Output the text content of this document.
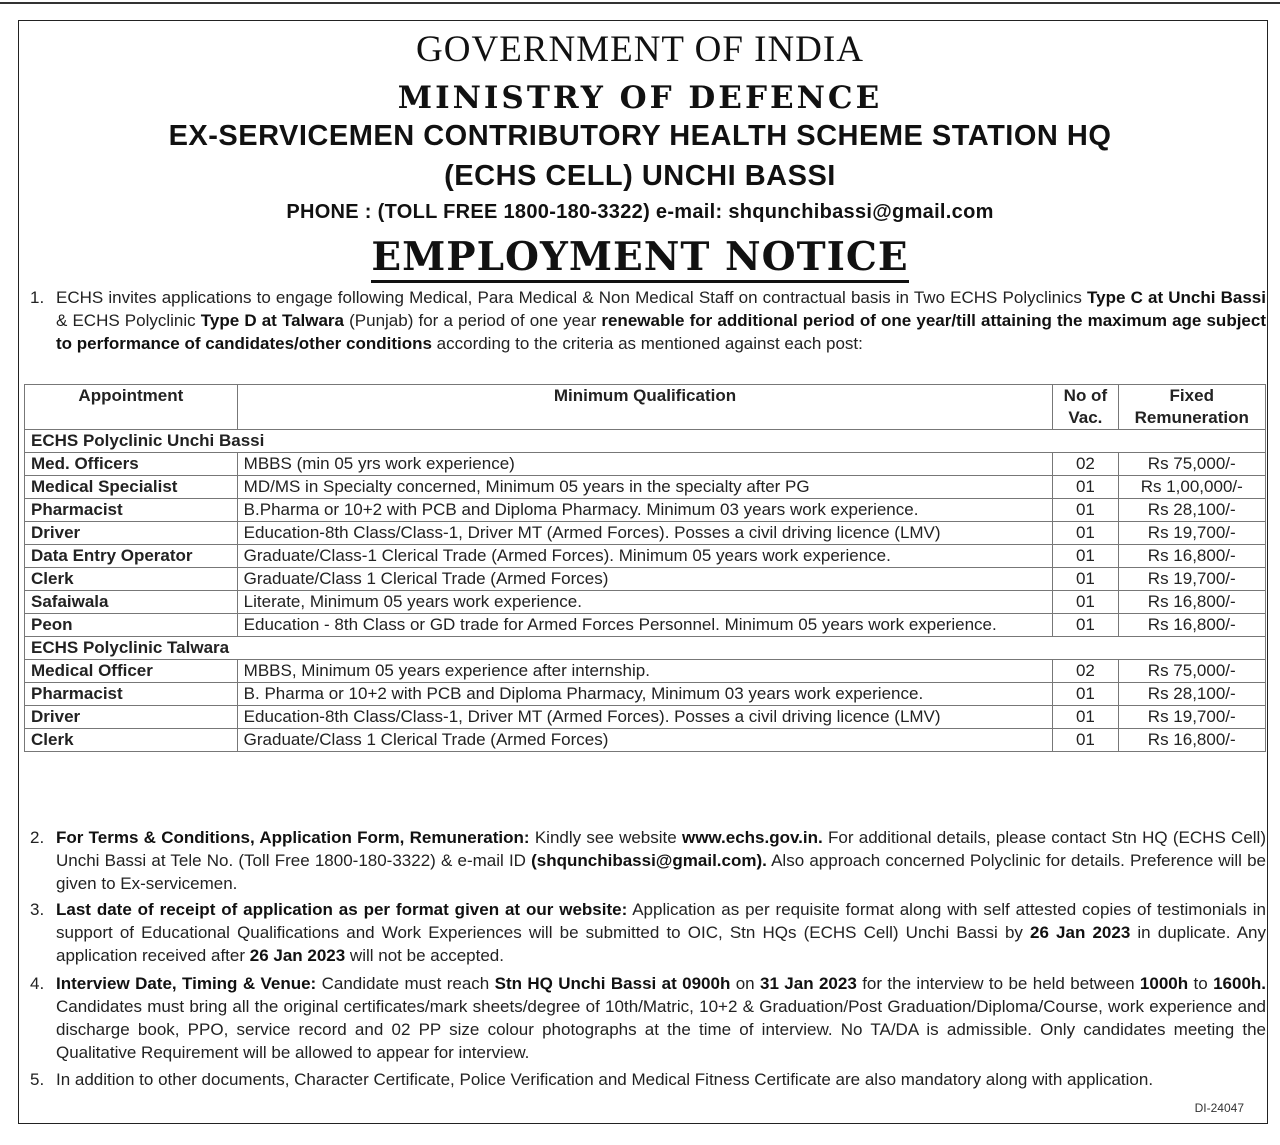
GOVERNMENT OF INDIA
MINISTRY OF DEFENCE
EX-SERVICEMEN CONTRIBUTORY HEALTH SCHEME STATION HQ
(ECHS CELL) UNCHI BASSI
PHONE : (TOLL FREE 1800-180-3322) e-mail: shqunchibassi@gmail.com
EMPLOYMENT NOTICE
1. ECHS invites applications to engage following Medical, Para Medical & Non Medical Staff on contractual basis in Two ECHS Polyclinics Type C at Unchi Bassi & ECHS Polyclinic Type D at Talwara (Punjab) for a period of one year renewable for additional period of one year/till attaining the maximum age subject to performance of candidates/other conditions according to the criteria as mentioned against each post:
Appointment	Minimum Qualification	No of Vac.	Fixed Remuneration
ECHS Polyclinic Unchi Bassi			
Med. Officers	MBBS (min 05 yrs work experience)	02	Rs 75,000/-
Medical Specialist	MD/MS in Specialty concerned, Minimum 05 years in the specialty after PG	01	Rs 1,00,000/-
Pharmacist	B.Pharma or 10+2 with PCB and Diploma Pharmacy. Minimum 03 years work experience.	01	Rs 28,100/-
Driver	Education-8th Class/Class-1, Driver MT (Armed Forces). Posses a civil driving licence (LMV)	01	Rs 19,700/-
Data Entry Operator	Graduate/Class-1 Clerical Trade (Armed Forces). Minimum 05 years work experience.	01	Rs 16,800/-
Clerk	Graduate/Class 1 Clerical Trade (Armed Forces)	01	Rs 19,700/-
Safaiwala	Literate, Minimum 05 years work experience.	01	Rs 16,800/-
Peon	Education - 8th Class or GD trade for Armed Forces Personnel. Minimum 05 years work experience.	01	Rs 16,800/-
ECHS Polyclinic Talwara			
Medical Officer	MBBS, Minimum 05 years experience after internship.	02	Rs 75,000/-
Pharmacist	B. Pharma or 10+2 with PCB and Diploma Pharmacy, Minimum 03 years work experience.	01	Rs 28,100/-
Driver	Education-8th Class/Class-1, Driver MT (Armed Forces). Posses a civil driving licence (LMV)	01	Rs 19,700/-
Clerk	Graduate/Class 1 Clerical Trade (Armed Forces)	01	Rs 16,800/-
2. For Terms & Conditions, Application Form, Remuneration: Kindly see website www.echs.gov.in. For additional details, please contact Stn HQ (ECHS Cell) Unchi Bassi at Tele No. (Toll Free 1800-180-3322) & e-mail ID (shqunchibassi@gmail.com). Also approach concerned Polyclinic for details. Preference will be given to Ex-servicemen.
3. Last date of receipt of application as per format given at our website: Application as per requisite format along with self attested copies of testimonials in support of Educational Qualifications and Work Experiences will be submitted to OIC, Stn HQs (ECHS Cell) Unchi Bassi by 26 Jan 2023 in duplicate. Any application received after 26 Jan 2023 will not be accepted.
4. Interview Date, Timing & Venue: Candidate must reach Stn HQ Unchi Bassi at 0900h on 31 Jan 2023 for the interview to be held between 1000h to 1600h. Candidates must bring all the original certificates/mark sheets/degree of 10th/Matric, 10+2 & Graduation/Post Graduation/Diploma/Course, work experience and discharge book, PPO, service record and 02 PP size colour photographs at the time of interview. No TA/DA is admissible. Only candidates meeting the Qualitative Requirement will be allowed to appear for interview.
5. In addition to other documents, Character Certificate, Police Verification and Medical Fitness Certificate are also mandatory along with application.
DI-24047
